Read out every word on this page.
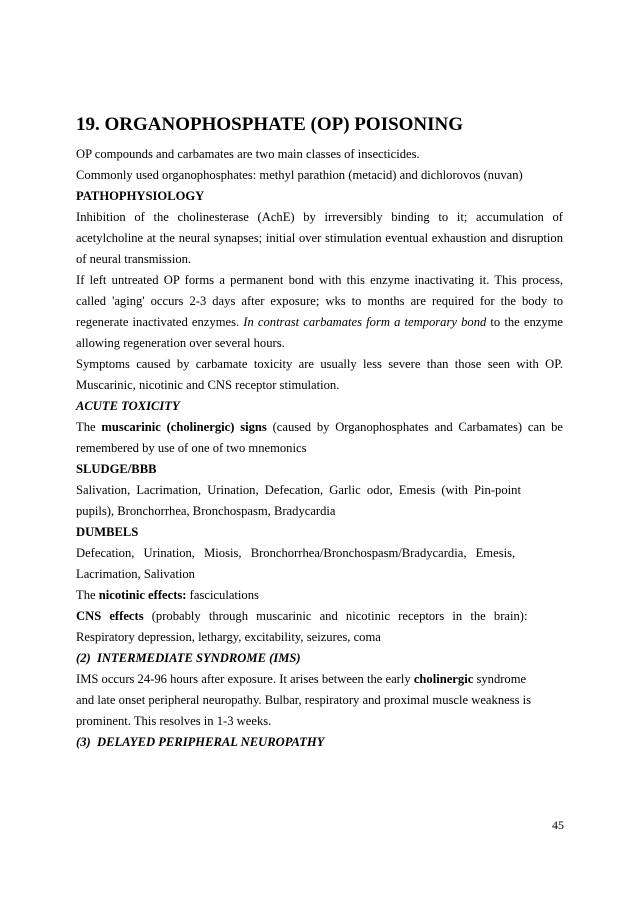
19. ORGANOPHOSPHATE (OP) POISONING

OP compounds and carbamates are two main classes of insecticides.

Commonly used organophosphates: methyl parathion (metacid) and dichlorovos (nuvan)

PATHOPHYSIOLOGY

Inhibition of the cholinesterase (AchE) by irreversibly binding to it; accumulation of acetylcholine at the neural synapses; initial over stimulation eventual exhaustion and disruption of neural transmission.

If left untreated OP forms a permanent bond with this enzyme inactivating it. This process, called 'aging' occurs 2-3 days after exposure; wks to months are required for the body to regenerate inactivated enzymes. In contrast carbamates form a temporary bond to the enzyme allowing regeneration over several hours.

Symptoms caused by carbamate toxicity are usually less severe than those seen with OP. Muscarinic, nicotinic and CNS receptor stimulation.

ACUTE TOXICITY

The muscarinic (cholinergic) signs (caused by Organophosphates and Carbamates) can be remembered by use of one of two mnemonics

SLUDGE/BBB

Salivation, Lacrimation, Urination, Defecation, Garlic odor, Emesis (with Pin-point

pupils), Bronchorrhea, Bronchospasm, Bradycardia

DUMBELS

Defecation, Urination, Miosis, Bronchorrhea/Bronchospasm/Bradycardia, Emesis,

Lacrimation, Salivation

The nicotinic effects: fasciculations

CNS effects (probably through muscarinic and nicotinic receptors in the brain):

Respiratory depression, lethargy, excitability, seizures, coma

(2)  INTERMEDIATE SYNDROME (IMS)

IMS occurs 24-96 hours after exposure. It arises between the early cholinergic syndrome

and late onset peripheral neuropathy. Bulbar, respiratory and proximal muscle weakness is

prominent. This resolves in 1-3 weeks.

(3)  DELAYED PERIPHERAL NEUROPATHY

45
